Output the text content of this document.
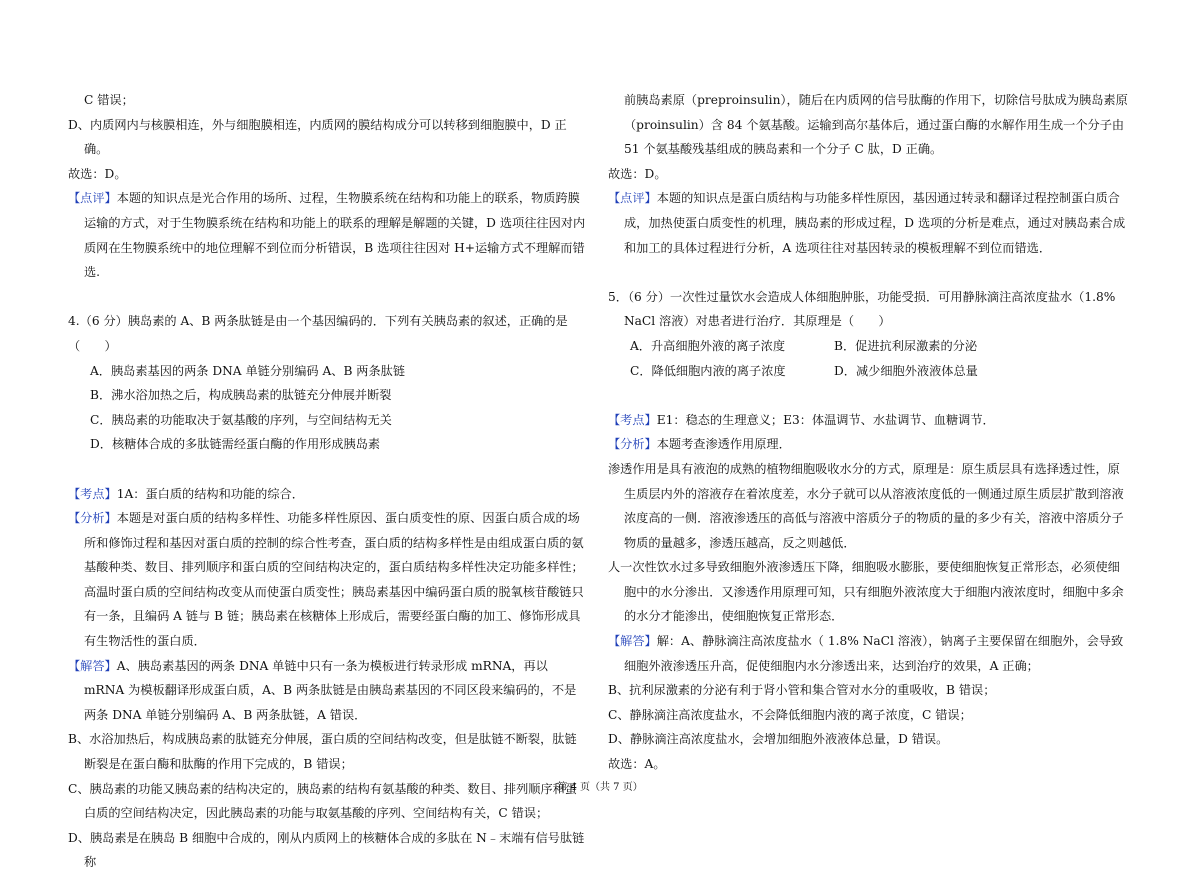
C 错误；

D、内质网内与核膜相连，外与细胞膜相连，内质网的膜结构成分可以转移到细胞膜中，D 正确。

故选：D。

【点评】本题的知识点是光合作用的场所、过程，生物膜系统在结构和功能上的联系，物质跨膜运输的方式，对于生物膜系统在结构和功能上的联系的理解是解题的关键，D 选项往往因对内质网在生物膜系统中的地位理解不到位而分析错误，B 选项往往因对 H+运输方式不理解而错选.

4.（6 分）胰岛素的 A、B 两条肽链是由一个基因编码的．下列有关胰岛素的叙述，正确的是（　　）

A．胰岛素基因的两条 DNA 单链分别编码 A、B 两条肽链

B．沸水浴加热之后，构成胰岛素的肽链充分伸展并断裂

C．胰岛素的功能取决于氨基酸的序列，与空间结构无关

D．核糖体合成的多肽链需经蛋白酶的作用形成胰岛素

【考点】1A：蛋白质的结构和功能的综合．

【分析】本题是对蛋白质的结构多样性、功能多样性原因、蛋白质变性的原、因蛋白质合成的场所和修饰过程和基因对蛋白质的控制的综合性考查，蛋白质的结构多样性是由组成蛋白质的氨基酸种类、数目、排列顺序和蛋白质的空间结构决定的，蛋白质结构多样性决定功能多样性；高温时蛋白质的空间结构改变从而使蛋白质变性；胰岛素基因中编码蛋白质的脱氧核苷酸链只有一条，且编码 A 链与 B 链；胰岛素在核糖体上形成后，需要经蛋白酶的加工、修饰形成具有生物活性的蛋白质．

【解答】A、胰岛素基因的两条 DNA 单链中只有一条为模板进行转录形成 mRNA，再以 mRNA 为模板翻译形成蛋白质，A、B 两条肽链是由胰岛素基因的不同区段来编码的，不是两条 DNA 单链分别编码 A、B 两条肽链，A 错误．

B、水浴加热后，构成胰岛素的肽链充分伸展，蛋白质的空间结构改变，但是肽链不断裂，肽链断裂是在蛋白酶和肽酶的作用下完成的，B 错误；

C、胰岛素的功能又胰岛素的结构决定的，胰岛素的结构有氨基酸的种类、数目、排列顺序和蛋白质的空间结构决定，因此胰岛素的功能与取氨基酸的序列、空间结构有关，C 错误；

D、胰岛素是在胰岛 B 细胞中合成的，刚从内质网上的核糖体合成的多肽在 N﹣末端有信号肽链称

前胰岛素原（preproinsulin），随后在内质网的信号肽酶的作用下，切除信号肽成为胰岛素原（proinsulin）含 84 个氨基酸。运输到高尔基体后，通过蛋白酶的水解作用生成一个分子由 51 个氨基酸残基组成的胰岛素和一个分子 C 肽，D 正确。

故选：D。

【点评】本题的知识点是蛋白质结构与功能多样性原因，基因通过转录和翻译过程控制蛋白质合成，加热使蛋白质变性的机理，胰岛素的形成过程，D 选项的分析是难点，通过对胰岛素合成和加工的具体过程进行分析，A 选项往往对基因转录的模板理解不到位而错选．

5．（6 分）一次性过量饮水会造成人体细胞肿胀，功能受损．可用静脉滴注高浓度盐水（1.8% NaCl 溶液）对患者进行治疗．其原理是（　　）

A．升高细胞外液的离子浓度	B．促进抗利尿激素的分泌
C．降低细胞内液的离子浓度	D．减少细胞外液液体总量

【考点】E1：稳态的生理意义；E3：体温调节、水盐调节、血糖调节．

【分析】本题考查渗透作用原理．

渗透作用是具有液泡的成熟的植物细胞吸收水分的方式，原理是：原生质层具有选择透过性，原生质层内外的溶液存在着浓度差，水分子就可以从溶液浓度低的一侧通过原生质层扩散到溶液浓度高的一侧．溶液渗透压的高低与溶液中溶质分子的物质的量的多少有关，溶液中溶质分子物质的量越多，渗透压越高，反之则越低．

人一次性饮水过多导致细胞外液渗透压下降，细胞吸水膨胀，要使细胞恢复正常形态，必须使细胞中的水分渗出．又渗透作用原理可知，只有细胞外液浓度大于细胞内液浓度时，细胞中多余的水分才能渗出，使细胞恢复正常形态．

【解答】解：A、静脉滴注高浓度盐水（ 1.8% NaCl 溶液），钠离子主要保留在细胞外，会导致细胞外液渗透压升高，促使细胞内水分渗透出来，达到治疗的效果，A 正确；

B、抗利尿激素的分泌有利于肾小管和集合管对水分的重吸收，B 错误；

C、静脉滴注高浓度盐水，不会降低细胞内液的离子浓度，C 错误；

D、静脉滴注高浓度盐水，会增加细胞外液液体总量，D 错误。

故选：A。

第 4 页（共 7 页）
